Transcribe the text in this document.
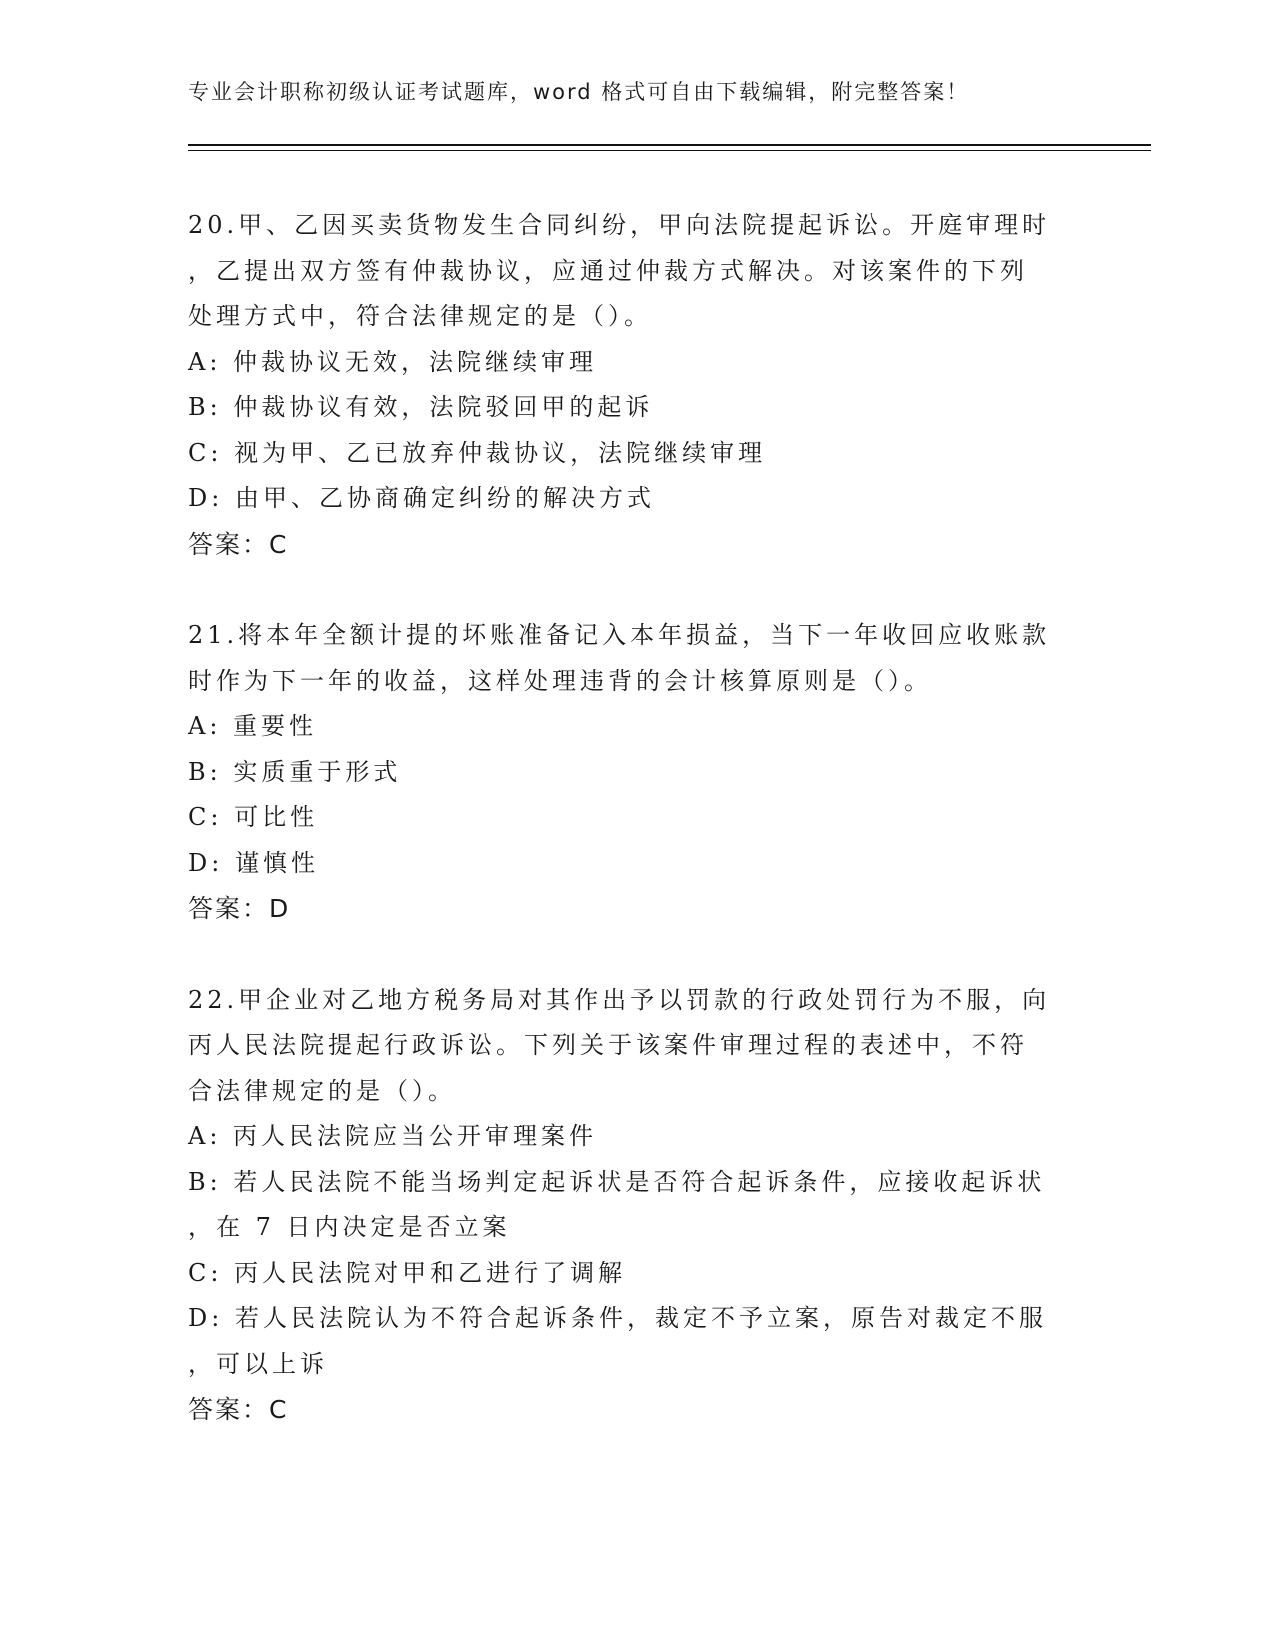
专业会计职称初级认证考试题库，word 格式可自由下载编辑，附完整答案！
20.甲、乙因买卖货物发生合同纠纷，甲向法院提起诉讼。开庭审理时
，乙提出双方签有仲裁协议，应通过仲裁方式解决。对该案件的下列
处理方式中，符合法律规定的是（）。
A: 仲裁协议无效，法院继续审理
B: 仲裁协议有效，法院驳回甲的起诉
C: 视为甲、乙已放弃仲裁协议，法院继续审理
D: 由甲、乙协商确定纠纷的解决方式
答案：C
21.将本年全额计提的坏账准备记入本年损益，当下一年收回应收账款
时作为下一年的收益，这样处理违背的会计核算原则是（）。
A: 重要性
B: 实质重于形式
C: 可比性
D: 谨慎性
答案：D
22.甲企业对乙地方税务局对其作出予以罚款的行政处罚行为不服，向
丙人民法院提起行政诉讼。下列关于该案件审理过程的表述中，不符
合法律规定的是（）。
A: 丙人民法院应当公开审理案件
B: 若人民法院不能当场判定起诉状是否符合起诉条件，应接收起诉状
，在 7 日内决定是否立案
C: 丙人民法院对甲和乙进行了调解
D: 若人民法院认为不符合起诉条件，裁定不予立案，原告对裁定不服
，可以上诉
答案：C
